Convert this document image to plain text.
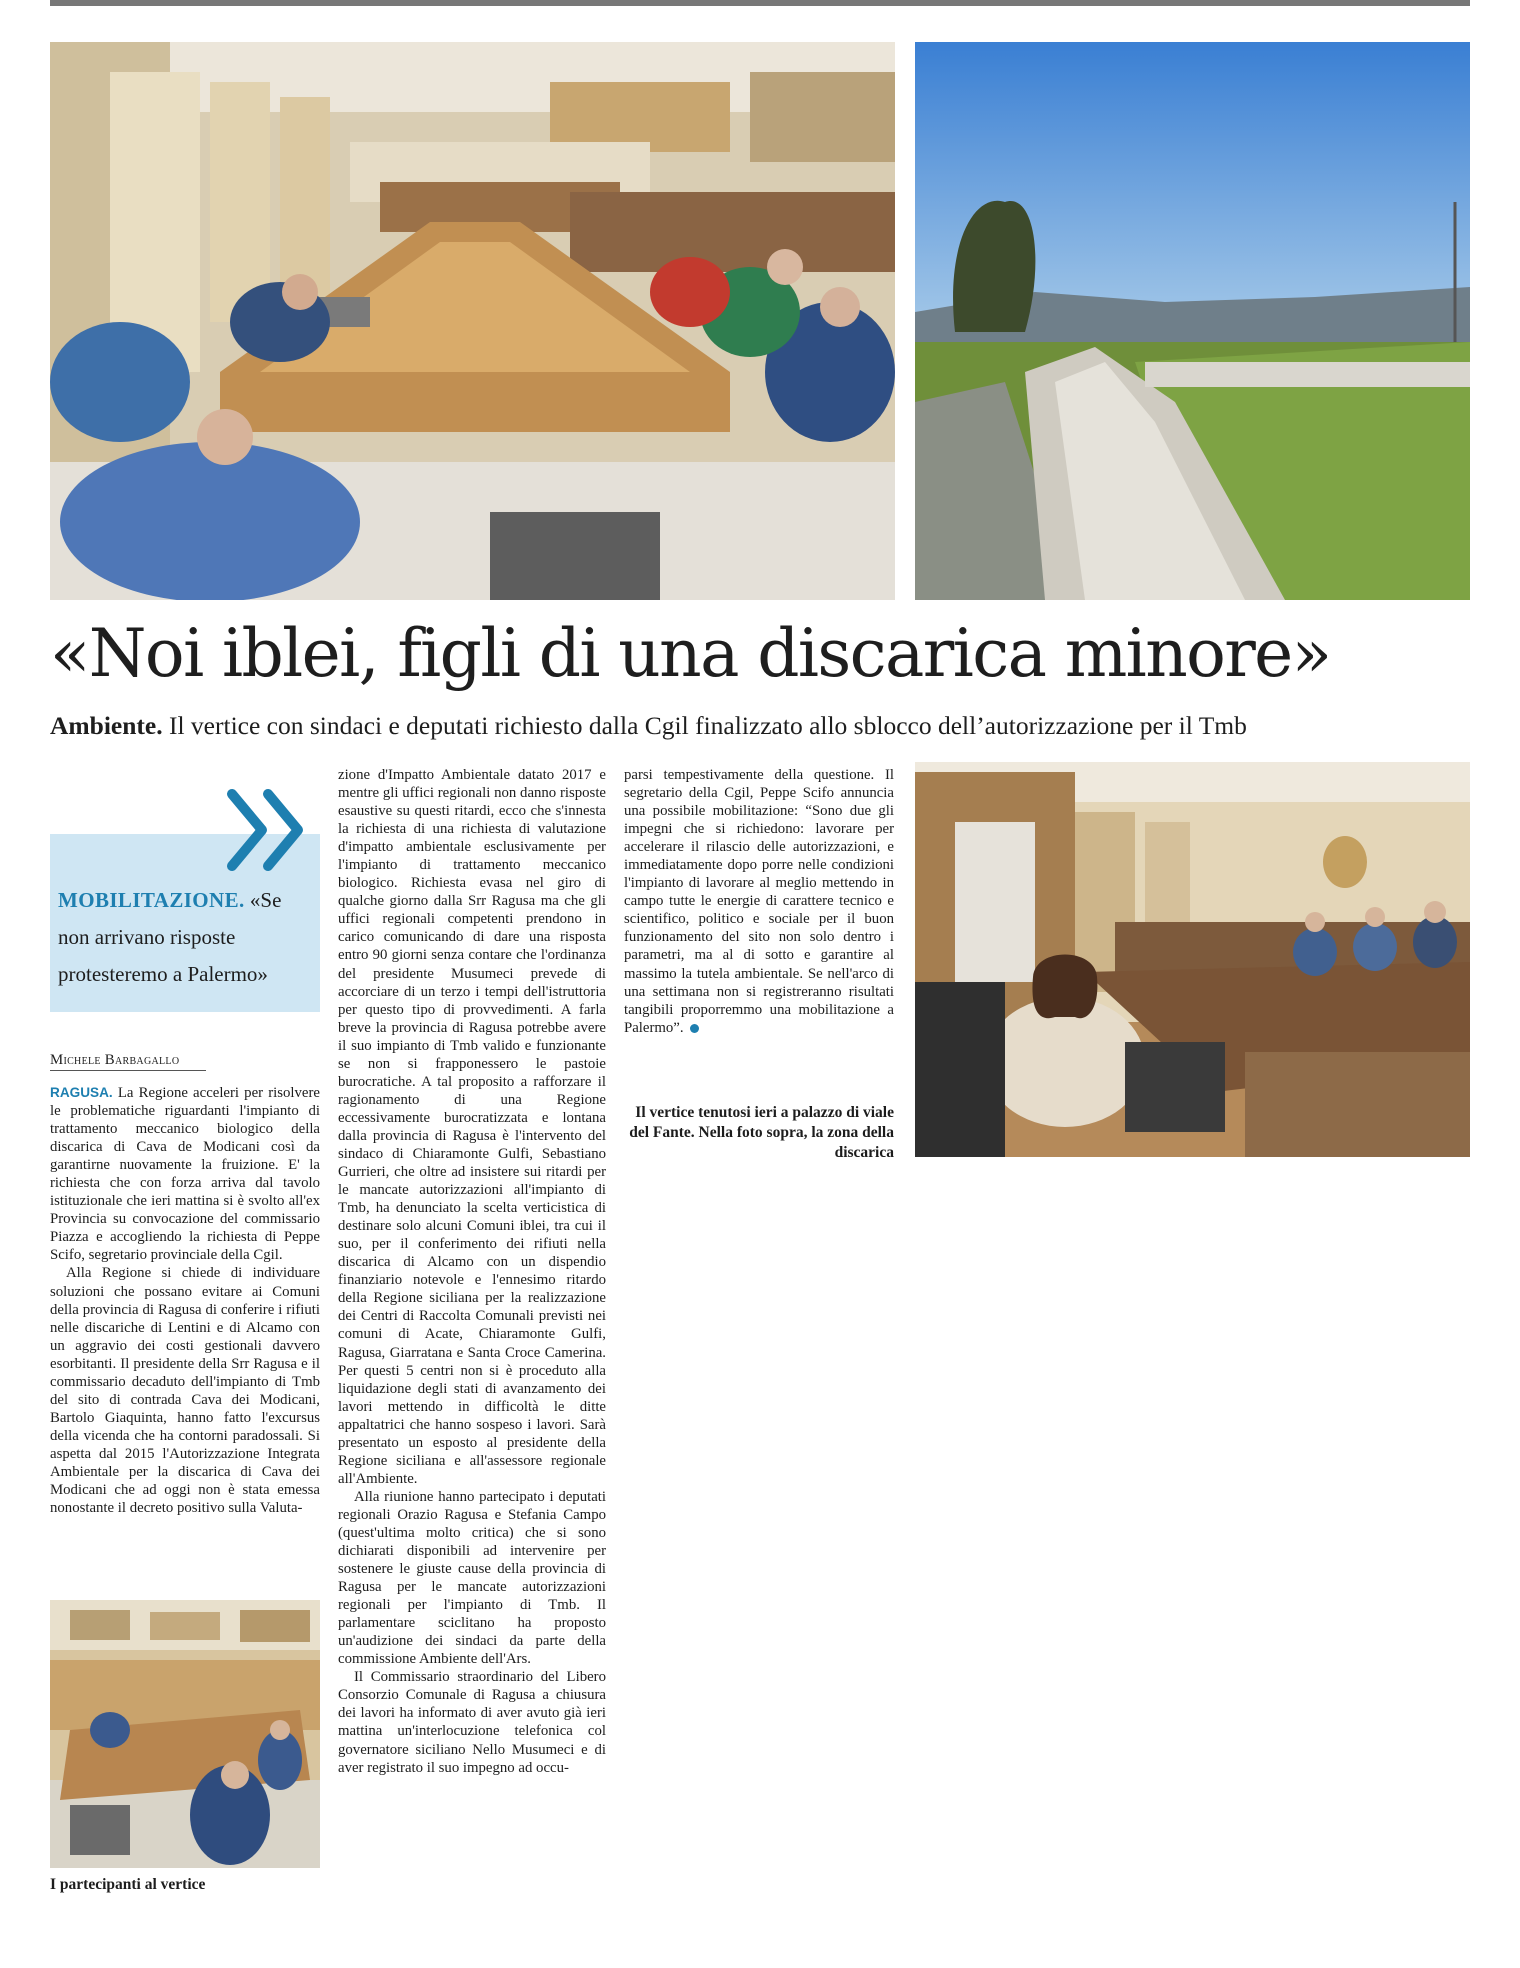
«Noi iblei, figli di una discarica minore»
Ambiente. Il vertice con sindaci e deputati richiesto dalla Cgil finalizzato allo sblocco dell’autorizzazione per il Tmb

MOBILITAZIONE. «Se non arrivano risposte protesteremo a Palermo»

Michele Barbagallo

RAGUSA. La Regione acceleri per risolvere le problematiche riguardanti l'impianto di trattamento meccanico biologico della discarica di Cava de Modicani così da garantirne nuovamente la fruizione. E' la richiesta che con forza arriva dal tavolo istituzionale che ieri mattina si è svolto all'ex Provincia su convocazione del commissario Piazza e accogliendo la richiesta di Peppe Scifo, segretario provinciale della Cgil.

Alla Regione si chiede di individuare soluzioni che possano evitare ai Comuni della provincia di Ragusa di conferire i rifiuti nelle discariche di Lentini e di Alcamo con un aggravio dei costi gestionali davvero esorbitanti. Il presidente della Srr Ragusa e il commissario decaduto dell'impianto di Tmb del sito di contrada Cava dei Modicani, Bartolo Giaquinta, hanno fatto l'excursus della vicenda che ha contorni paradossali. Si aspetta dal 2015 l'Autorizzazione Integrata Ambientale per la discarica di Cava dei Modicani che ad oggi non è stata emessa nonostante il decreto positivo sulla Valuta-

I partecipanti al vertice

zione d'Impatto Ambientale datato 2017 e mentre gli uffici regionali non danno risposte esaustive su questi ritardi, ecco che s'innesta la richiesta di una richiesta di valutazione d'impatto ambientale esclusivamente per l'impianto di trattamento meccanico biologico. Richiesta evasa nel giro di qualche giorno dalla Srr Ragusa ma che gli uffici regionali competenti prendono in carico comunicando di dare una risposta entro 90 giorni senza contare che l'ordinanza del presidente Musumeci prevede di accorciare di un terzo i tempi dell'istruttoria per questo tipo di provvedimenti. A farla breve la provincia di Ragusa potrebbe avere il suo impianto di Tmb valido e funzionante se non si frapponessero le pastoie burocratiche. A tal proposito a rafforzare il ragionamento di una Regione eccessivamente burocratizzata e lontana dalla provincia di Ragusa è l'intervento del sindaco di Chiaramonte Gulfi, Sebastiano Gurrieri, che oltre ad insistere sui ritardi per le mancate autorizzazioni all'impianto di Tmb, ha denunciato la scelta verticistica di destinare solo alcuni Comuni iblei, tra cui il suo, per il conferimento dei rifiuti nella discarica di Alcamo con un dispendio finanziario notevole e l'ennesimo ritardo della Regione siciliana per la realizzazione dei Centri di Raccolta Comunali previsti nei comuni di Acate, Chiaramonte Gulfi, Ragusa, Giarratana e Santa Croce Camerina. Per questi 5 centri non si è proceduto alla liquidazione degli stati di avanzamento dei lavori mettendo in difficoltà le ditte appaltatrici che hanno sospeso i lavori. Sarà presentato un esposto al presidente della Regione siciliana e all'assessore regionale all'Ambiente.

Alla riunione hanno partecipato i deputati regionali Orazio Ragusa e Stefania Campo (quest'ultima molto critica) che si sono dichiarati disponibili ad intervenire per sostenere le giuste cause della provincia di Ragusa per le mancate autorizzazioni regionali per l'impianto di Tmb. Il parlamentare sciclitano ha proposto un'audizione dei sindaci da parte della commissione Ambiente dell'Ars.

Il Commissario straordinario del Libero Consorzio Comunale di Ragusa a chiusura dei lavori ha informato di aver avuto già ieri mattina un'interlocuzione telefonica col governatore siciliano Nello Musumeci e di aver registrato il suo impegno ad occu-

parsi tempestivamente della questione. Il segretario della Cgil, Peppe Scifo annuncia una possibile mobilitazione: “Sono due gli impegni che si richiedono: lavorare per accelerare il rilascio delle autorizzazioni, e immediatamente dopo porre nelle condizioni l'impianto di lavorare al meglio mettendo in campo tutte le energie di carattere tecnico e scientifico, politico e sociale per il buon funzionamento del sito non solo dentro i parametri, ma al di sotto e garantire al massimo la tutela ambientale. Se nell'arco di una settimana non si registreranno risultati tangibili proporremmo una mobilitazione a Palermo”.

Il vertice tenutosi ieri a palazzo di viale del Fante. Nella foto sopra, la zona della discarica
